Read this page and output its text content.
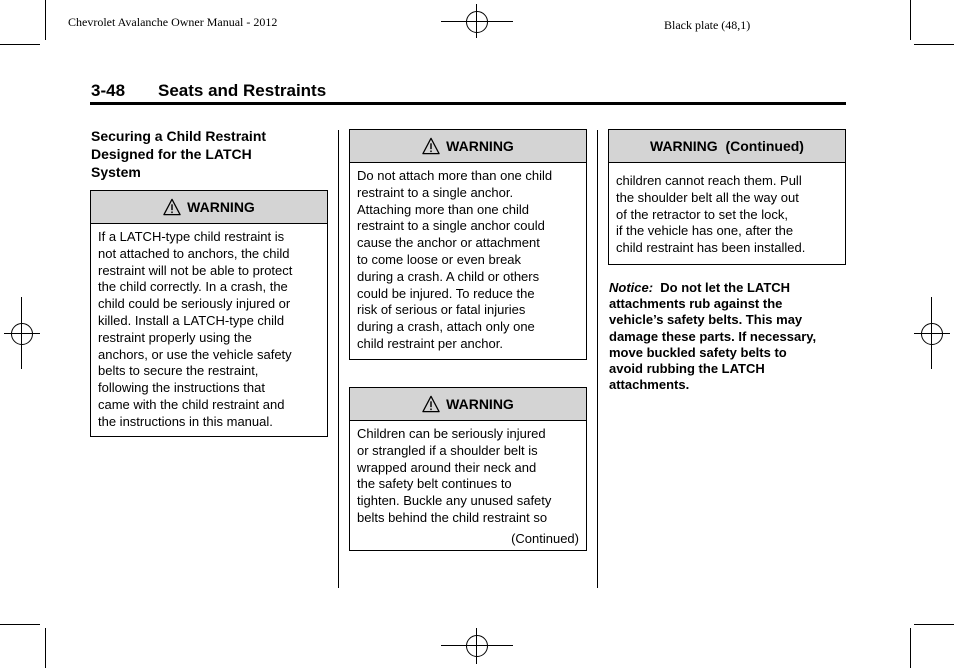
Chevrolet Avalanche Owner Manual - 2012	Black plate (48,1)
3-48 Seats and Restraints
Securing a Child Restraint
Designed for the LATCH
System
WARNING
If a LATCH-type child restraint is
not attached to anchors, the child
restraint will not be able to protect
the child correctly. In a crash, the
child could be seriously injured or
killed. Install a LATCH-type child
restraint properly using the
anchors, or use the vehicle safety
belts to secure the restraint,
following the instructions that
came with the child restraint and
the instructions in this manual.
WARNING
Do not attach more than one child
restraint to a single anchor.
Attaching more than one child
restraint to a single anchor could
cause the anchor or attachment
to come loose or even break
during a crash. A child or others
could be injured. To reduce the
risk of serious or fatal injuries
during a crash, attach only one
child restraint per anchor.
WARNING
Children can be seriously injured
or strangled if a shoulder belt is
wrapped around their neck and
the safety belt continues to
tighten. Buckle any unused safety
belts behind the child restraint so
(Continued)
WARNING  (Continued)
children cannot reach them. Pull
the shoulder belt all the way out
of the retractor to set the lock,
if the vehicle has one, after the
child restraint has been installed.
Notice: Do not let the LATCH
attachments rub against the
vehicle’s safety belts. This may
damage these parts. If necessary,
move buckled safety belts to
avoid rubbing the LATCH
attachments.
